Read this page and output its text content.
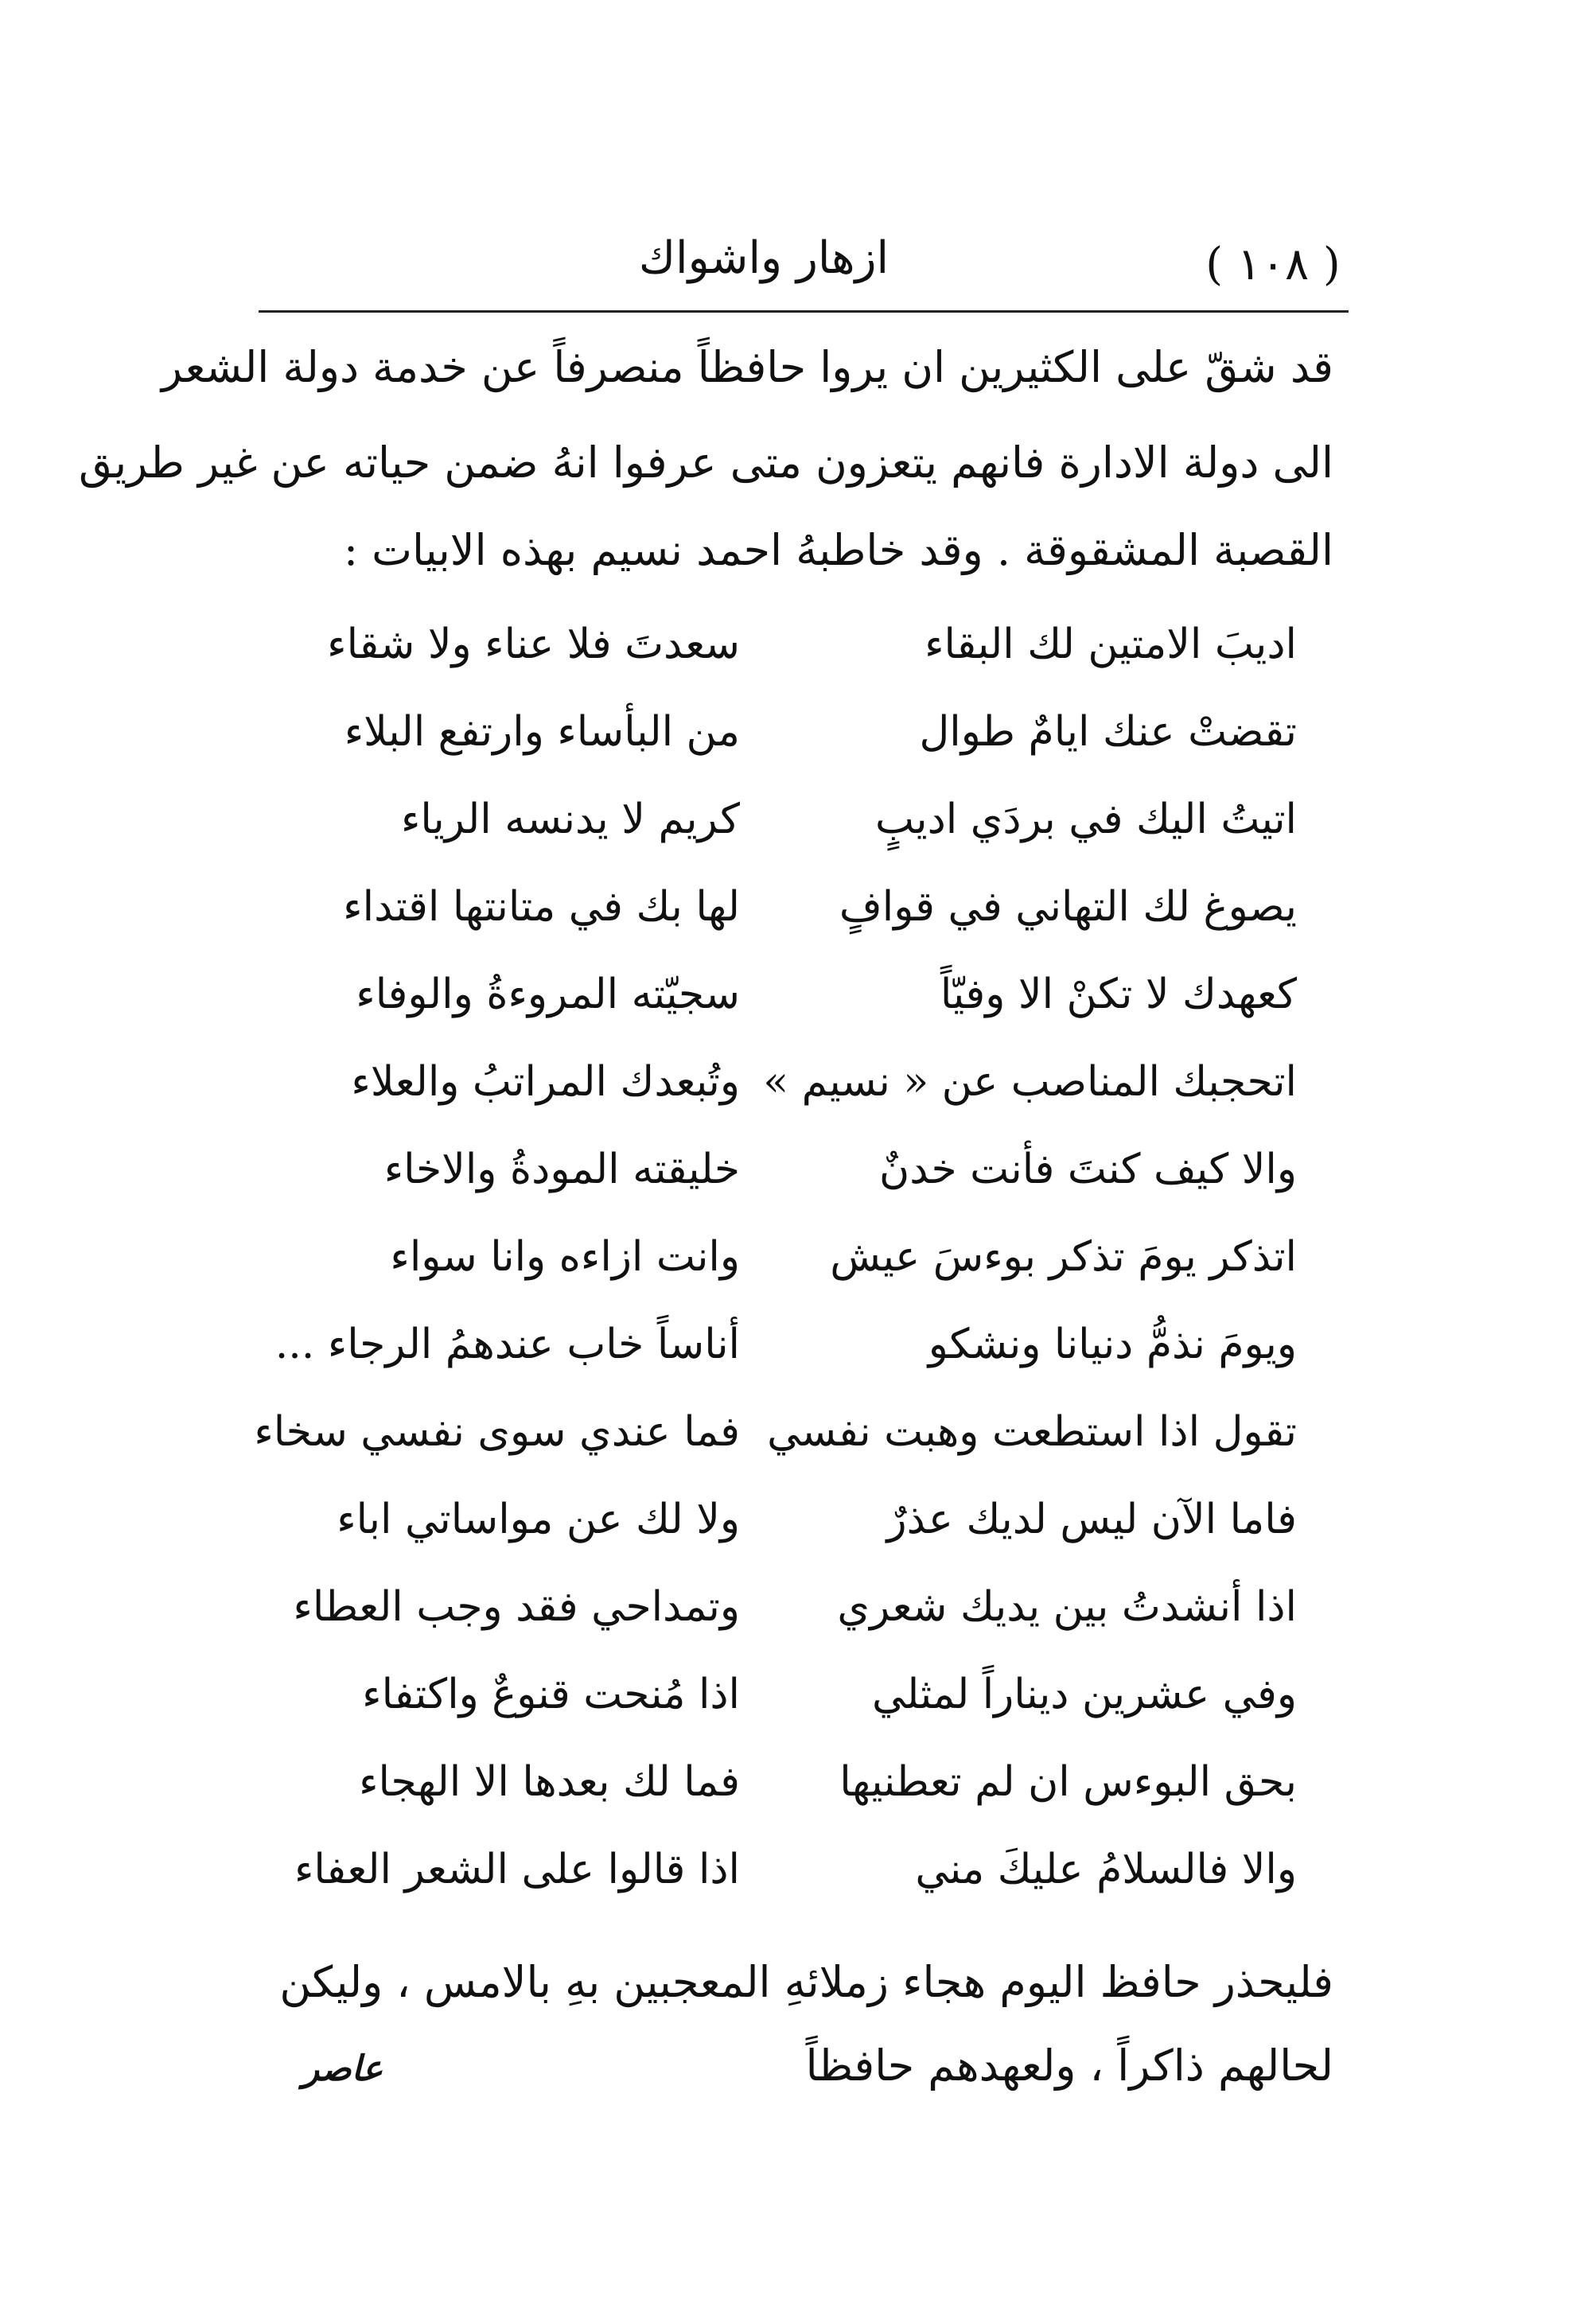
( ١٠٨ )
ازهار واشواك
قد شقّ على الكثيرين ان يروا حافظاً منصرفاً عن خدمة دولة الشعر
الى دولة الادارة فانهم يتعزون متى عرفوا انهُ ضمن حياته عن غير طريق
القصبة المشقوقة . وقد خاطبهُ احمد نسيم بهذه الابيات :
اديبَ الامتين لك البقاء
سعدتَ فلا عناء ولا شقاء
تقضتْ عنك ايامٌ طوال
من البأساء وارتفع البلاء
اتيتُ اليك في بردَي اديبٍ
كريم لا يدنسه الرياء
يصوغ لك التهاني في قوافٍ
لها بك في متانتها اقتداء
كعهدك لا تكنْ الا وفيّاً
سجيّته المروءةُ والوفاء
اتحجبك المناصب عن « نسيم »
وتُبعدك المراتبُ والعلاء
والا كيف كنتَ فأنت خدنٌ
خليقته المودةُ والاخاء
اتذكر يومَ تذكر بوءسَ عيش
وانت ازاءه وانا سواء
ويومَ نذمُّ دنيانا ونشكو
أناساً خاب عندهمُ الرجاء ...
تقول اذا استطعت وهبت نفسي
فما عندي سوى نفسي سخاء
فاما الآن ليس لديك عذرٌ
ولا لك عن مواساتي اباء
اذا أنشدتُ بين يديك شعري
وتمداحي فقد وجب العطاء
وفي عشرين ديناراً لمثلي
اذا مُنحت قنوعٌ واكتفاء
بحق البوءس ان لم تعطنيها
فما لك بعدها الا الهجاء
والا فالسلامُ عليكَ مني
اذا قالوا على الشعر العفاء
فليحذر حافظ اليوم هجاء زملائهِ المعجبين بهِ بالامس ، وليكن
لحالهم ذاكراً ، ولعهدهم حافظاً
عاصر
